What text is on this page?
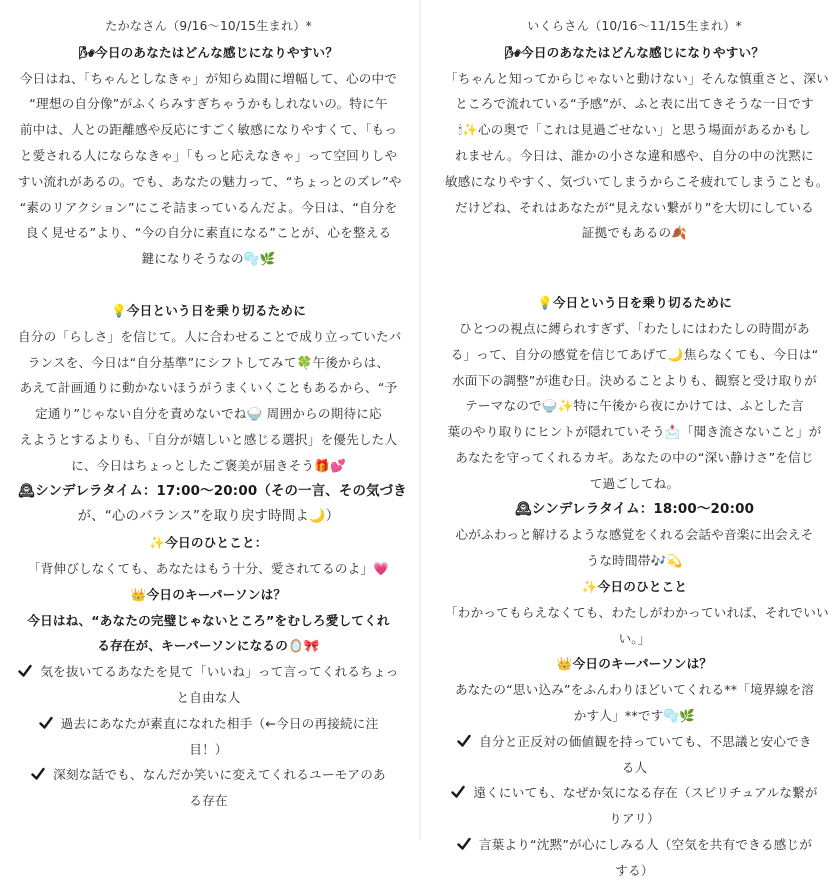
たかなさん（9/16〜10/15生まれ）*
🌬今日のあなたはどんな感じになりやすい？
今日はね、「ちゃんとしなきゃ」が知らぬ間に増幅して、心の中で
“理想の自分像”がふくらみすぎちゃうかもしれないの。特に午
前中は、人との距離感や反応にすごく敏感になりやすくて、「もっ
と愛される人にならなきゃ」「もっと応えなきゃ」って空回りしや
すい流れがあるの。でも、あなたの魅力って、“ちょっとのズレ”や
“素のリアクション”にこそ詰まっているんだよ。今日は、“自分を
良く見せる”より、“今の自分に素直になる”ことが、心を整える
鍵になりそうなの🫧🌿
💡今日という日を乗り切るために
自分の「らしさ」を信じて。人に合わせることで成り立っていたバ
ランスを、今日は“自分基準”にシフトしてみて🍀午後からは、
あえて計画通りに動かないほうがうまくいくこともあるから、“予
定通り”じゃない自分を責めないでね🍚 周囲からの期待に応
えようとするよりも、「自分が嬉しいと感じる選択」を優先した人
に、今日はちょっとしたご褒美が届きそう🎁💕
🕰シンデレラタイム：17:00〜20:00（その一言、その気づき
が、“心のバランス”を取り戻す時間よ🌙）
✨今日のひとこと：
「背伸びしなくても、あなたはもう十分、愛されてるのよ」💗
👑今日のキーパーソンは？
今日はね、“あなたの完璧じゃないところ”をむしろ愛してくれ
る存在が、キーパーソンになるの🪞🎀
気を抜いてるあなたを見て「いいね」って言ってくれるちょっ
と自由な人
過去にあなたが素直になれた相手（←今日の再接続に注
目！）
深刻な話でも、なんだか笑いに変えてくれるユーモアのあ
る存在
いくらさん（10/16〜11/15生まれ）*
🌬今日のあなたはどんな感じになりやすい？
「ちゃんと知ってからじゃないと動けない」そんな慎重さと、深い
ところで流れている“予感”が、ふと表に出てきそうな一日です
🕯✨心の奥で「これは見過ごせない」と思う場面があるかもし
れません。今日は、誰かの小さな違和感や、自分の中の沈黙に
敏感になりやすく、気づいてしまうからこそ疲れてしまうことも。
だけどね、それはあなたが“見えない繋がり”を大切にしている
証拠でもあるの🍂
💡今日という日を乗り切るために
ひとつの視点に縛られすぎず、「わたしにはわたしの時間があ
る」って、自分の感覚を信じてあげて🌙焦らなくても、今日は“
水面下の調整”が進む日。決めることよりも、観察と受け取りが
テーマなので🍚✨特に午後から夜にかけては、ふとした言
葉のやり取りにヒントが隠れていそう📩「聞き流さないこと」が
あなたを守ってくれるカギ。あなたの中の“深い静けさ”を信じ
て過ごしてね。
🕰シンデレラタイム：18:00〜20:00
心がふわっと解けるような感覚をくれる会話や音楽に出会えそ
うな時間帯🎶💫
✨今日のひとこと
「わかってもらえなくても、わたしがわかっていれば、それでいい
い。」
👑今日のキーパーソンは？
あなたの“思い込み”をふんわりほどいてくれる**「境界線を溶
かす人」**です🫧🌿
自分と正反対の価値観を持っていても、不思議と安心でき
る人
遠くにいても、なぜか気になる存在（スピリチュアルな繋が
りアリ）
言葉より“沈黙”が心にしみる人（空気を共有できる感じが
する）
